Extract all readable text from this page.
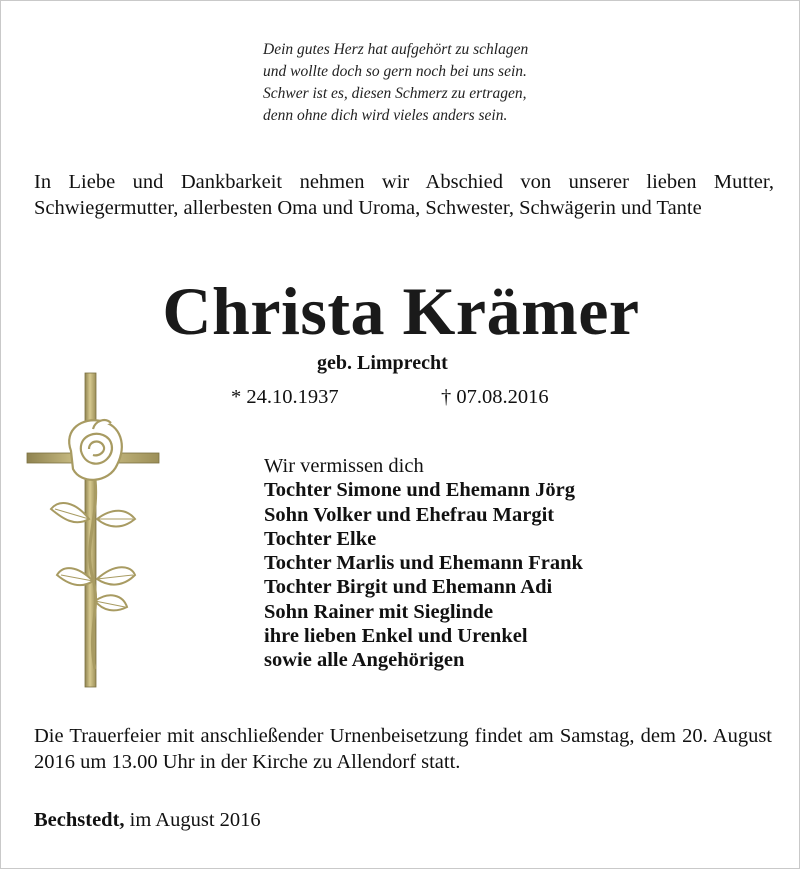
Dein gutes Herz hat aufgehört zu schlagen
und wollte doch so gern noch bei uns sein.
Schwer ist es, diesen Schmerz zu ertragen,
denn ohne dich wird vieles anders sein.
In Liebe und Dankbarkeit nehmen wir Abschied von unserer lieben Mutter, Schwiegermutter, allerbesten Oma und Uroma, Schwester, Schwägerin und Tante
Christa Krämer
geb. Limprecht
* 24.10.1937	† 07.08.2016
Wir vermissen dich
Tochter Simone und Ehemann Jörg
Sohn Volker und Ehefrau Margit
Tochter Elke
Tochter Marlis und Ehemann Frank
Tochter Birgit und Ehemann Adi
Sohn Rainer mit Sieglinde
ihre lieben Enkel und Urenkel
sowie alle Angehörigen
Die Trauerfeier mit anschließender Urnenbeisetzung findet am Samstag, dem 20. August 2016 um 13.00 Uhr in der Kirche zu Allendorf statt.
Bechstedt, im August 2016
